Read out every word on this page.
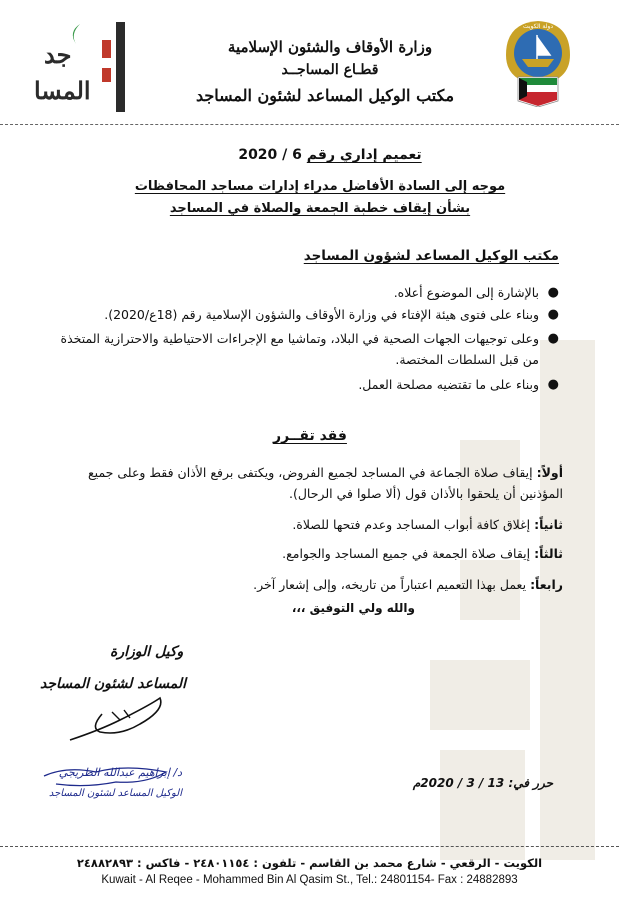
دولة الكويت
وزارة الأوقاف والشئون الإسلامية
قطـاع المساجــد
مكتب الوكيل المساعد لشئون المساجد
جد
المسا
تعميم إداري رقم 6 / 2020
موجه إلى السادة الأفاضل مدراء إدارات مساجد المحافظات
بشأن إيقاف خطبة الجمعة والصلاة في المساجد
مكتب الوكيل المساعد لشؤون المساجد
●
بالإشارة إلى الموضوع أعلاه.
●
وبناء على فتوى هيئة الإفتاء في وزارة الأوقاف والشؤون الإسلامية رقم (18ع/2020).
●
وعلى توجيهات الجهات الصحية في البلاد، وتماشيا مع الإجراءات الاحتياطية والاحترازية المتخذة من قبل السلطات المختصة.
●
وبناء على ما تقتضيه مصلحة العمل.
فقد تقــرر
أولاً: إيقاف صلاة الجماعة في المساجد لجميع الفروض، ويكتفى برفع الأذان فقط وعلى جميع المؤذنين أن يلحقوا بالأذان قول (ألا صلوا في الرحال).
ثانياً: إغلاق كافة أبواب المساجد وعدم فتحها للصلاة.
ثالثاً: إيقاف صلاة الجمعة في جميع المساجد والجوامع.
رابعاً: يعمل بهذا التعميم اعتباراً من تاريخه، وإلى إشعار آخر.
والله ولي التوفيق ،،،
وكيل الوزارة
المساعد لشئون المساجد
د/ إبراهيم عبدالله الطريجي
الوكيل المساعد لشئون المساجد
حرر في: 13 / 3 / 2020م
الكويت - الرقعي - شارع محمد بن القاسم - تلفون : ٢٤٨٠١١٥٤ - فاكس : ٢٤٨٨٢٨٩٣
Kuwait - Al Reqee - Mohammed Bin Al Qasim St., Tel.: 24801154- Fax : 24882893
